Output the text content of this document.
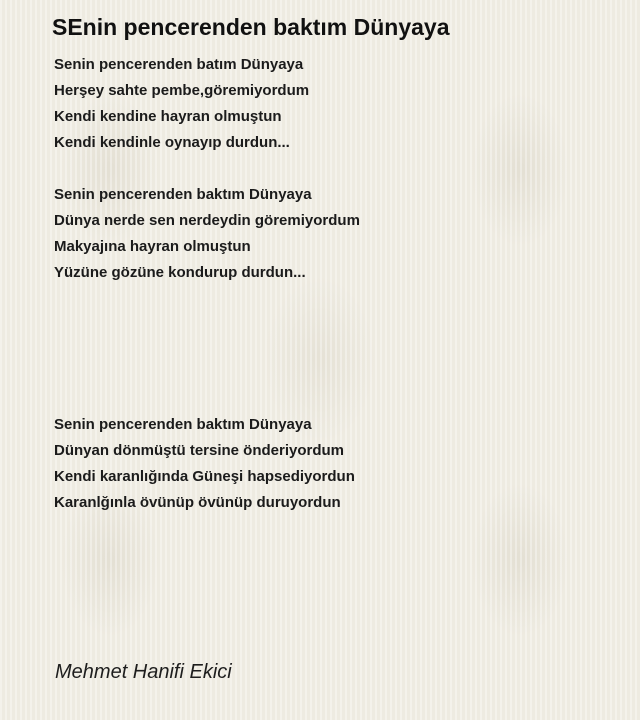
SEnin pencerenden baktım Dünyaya

Senin pencerenden batım Dünyaya
Herşey sahte pembe,göremiyordum
Kendi kendine hayran olmuştun
Kendi kendinle oynayıp durdun...

Senin pencerenden baktım Dünyaya
Dünya nerde sen nerdeydin göremiyordum
Makyajına hayran olmuştun
Yüzüne gözüne kondurup durdun...

Senin pencerenden baktım Dünyaya
Dünyan dönmüştü tersine önderiyordum
Kendi karanlığında Güneşi hapsediyordun
Karanlğınla övünüp övünüp duruyordun

Mehmet Hanifi Ekici
